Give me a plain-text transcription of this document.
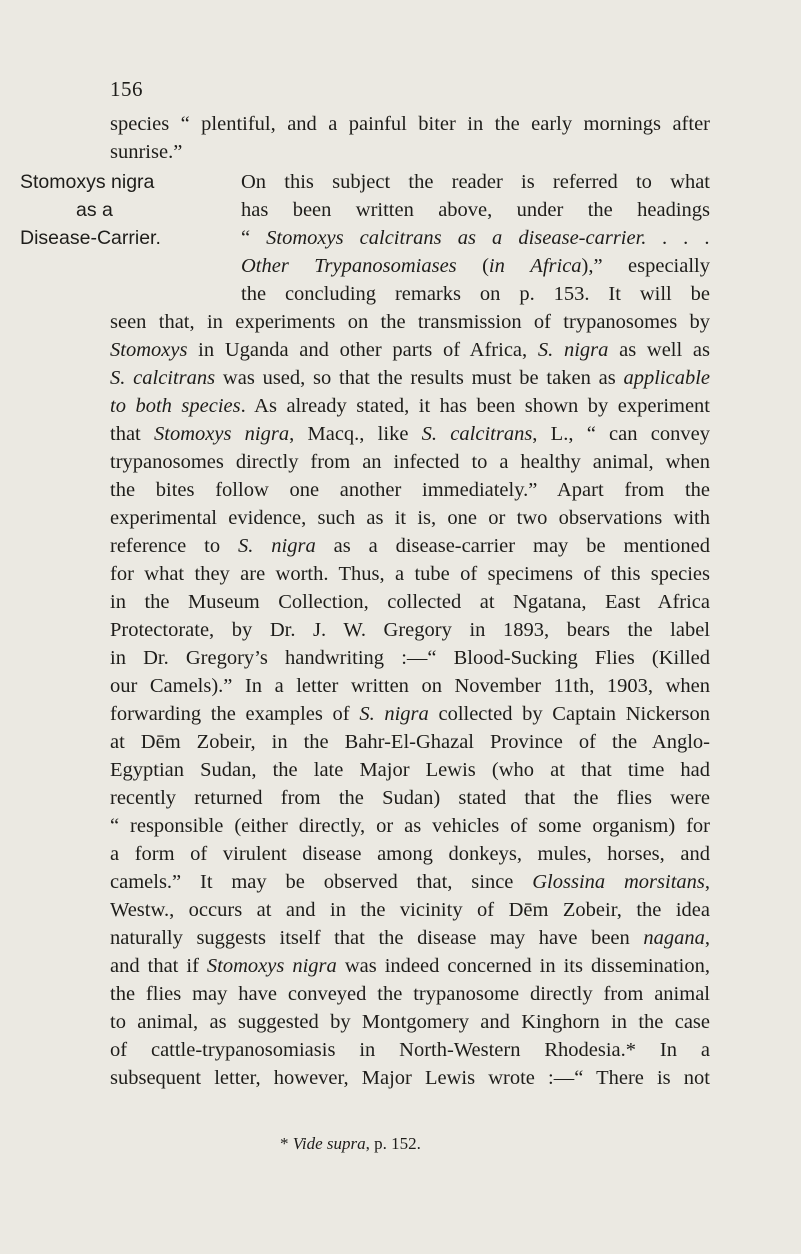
156
Stomoxys nigra
as a
Disease-Carrier.
species “ plentiful, and a painful biter in the early mornings after
sunrise.”
On this subject the reader is referred to what
has been written above, under the headings
“ Stomoxys calcitrans as a disease-carrier. . . .
Other Trypanosomiases (in Africa),” especially
the concluding remarks on p. 153. It will be
seen that, in experiments on the transmission of trypanosomes by
Stomoxys in Uganda and other parts of Africa, S. nigra as well as
S. calcitrans was used, so that the results must be taken as applicable
to both species. As already stated, it has been shown by experiment
that Stomoxys nigra, Macq., like S. calcitrans, L., “ can convey
trypanosomes directly from an infected to a healthy animal, when
the bites follow one another immediately.” Apart from the
experimental evidence, such as it is, one or two observations with
reference to S. nigra as a disease-carrier may be mentioned
for what they are worth. Thus, a tube of specimens of this species
in the Museum Collection, collected at Ngatana, East Africa
Protectorate, by Dr. J. W. Gregory in 1893, bears the label
in Dr. Gregory’s handwriting :—“ Blood-Sucking Flies (Killed
our Camels).” In a letter written on November 11th, 1903, when
forwarding the examples of S. nigra collected by Captain Nickerson
at Dēm Zobeir, in the Bahr-El-Ghazal Province of the Anglo-
Egyptian Sudan, the late Major Lewis (who at that time had
recently returned from the Sudan) stated that the flies were
“ responsible (either directly, or as vehicles of some organism) for
a form of virulent disease among donkeys, mules, horses, and
camels.” It may be observed that, since Glossina morsitans,
Westw., occurs at and in the vicinity of Dēm Zobeir, the idea
naturally suggests itself that the disease may have been nagana,
and that if Stomoxys nigra was indeed concerned in its dissemination,
the flies may have conveyed the trypanosome directly from animal
to animal, as suggested by Montgomery and Kinghorn in the case
of cattle-trypanosomiasis in North-Western Rhodesia.* In a
subsequent letter, however, Major Lewis wrote :—“ There is not
* Vide supra, p. 152.
